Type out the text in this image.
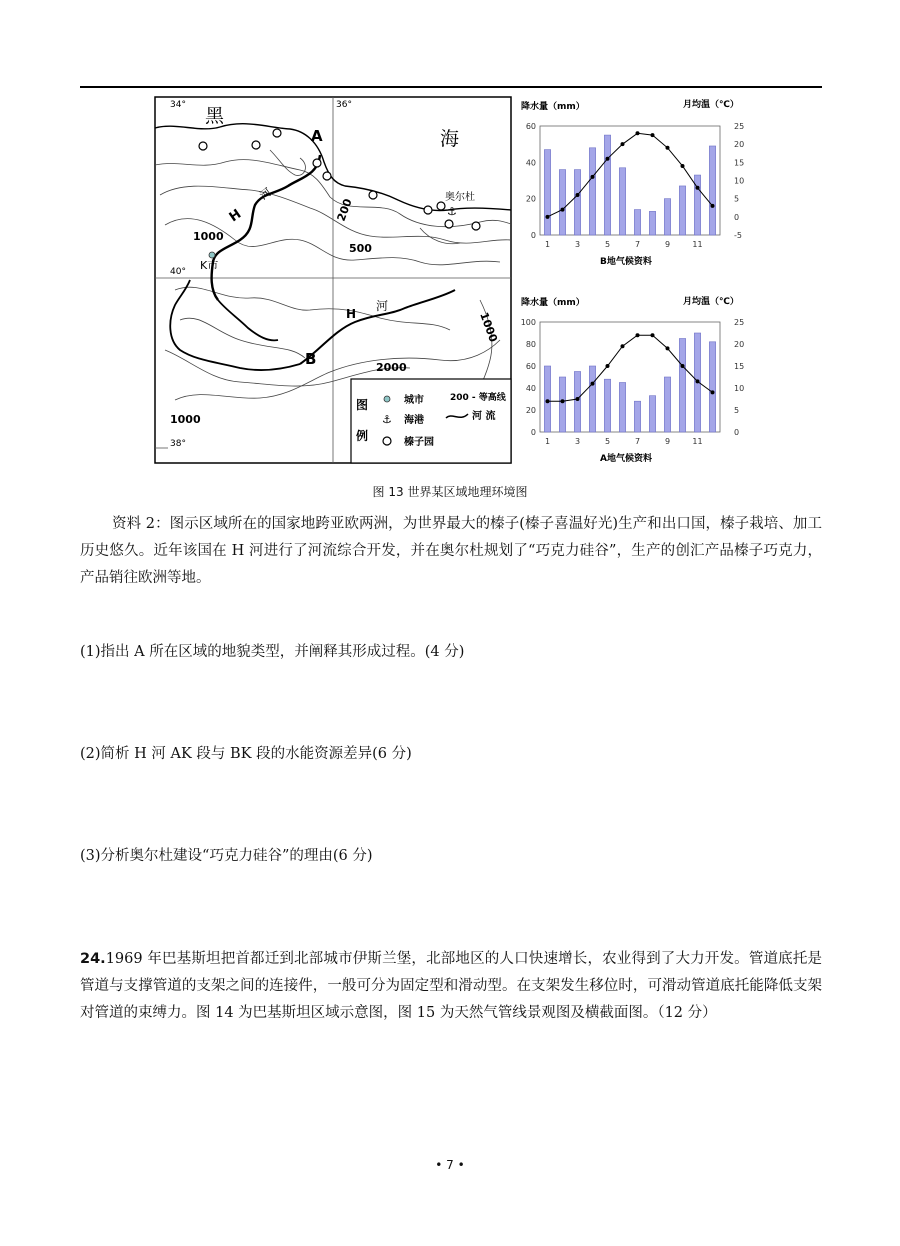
34°	36°
40°
38°
黑
海
A
B
H
河
H
河
200
500
1000
1000
1000
2000
K市
奥尔杜
⚓
图
例
城市
⚓ 海港
榛子园
200 - 等高线
河 流
降水量（mm）	月均温（℃）
0
20
40
60
-5
0
5
10
15
20
25
1	3	5	7	9	11
B地气候资料
降水量（mm）	月均温（℃）
0
20
40
60
80
100
0
5
10
15
20
25
1	3	5	7	9	11
A地气候资料
图 13 世界某区域地理环境图
资料 2：图示区域所在的国家地跨亚欧两洲，为世界最大的榛子(榛子喜温好光)生产和出口国，榛子栽培、加工历史悠久。近年该国在 H 河进行了河流综合开发，并在奥尔杜规划了“巧克力硅谷”，生产的创汇产品榛子巧克力，产品销往欧洲等地。
(1)指出 A 所在区域的地貌类型，并阐释其形成过程。(4 分)
(2)简析 H 河 AK 段与 BK 段的水能资源差异(6 分)
(3)分析奥尔杜建设“巧克力硅谷”的理由(6 分)
24.1969 年巴基斯坦把首都迁到北部城市伊斯兰堡，北部地区的人口快速增长，农业得到了大力开发。管道底托是管道与支撑管道的支架之间的连接件，一般可分为固定型和滑动型。在支架发生移位时，可滑动管道底托能降低支架对管道的束缚力。图 14 为巴基斯坦区域示意图，图 15 为天然气管线景观图及横截面图。（12 分）
• 7 •
